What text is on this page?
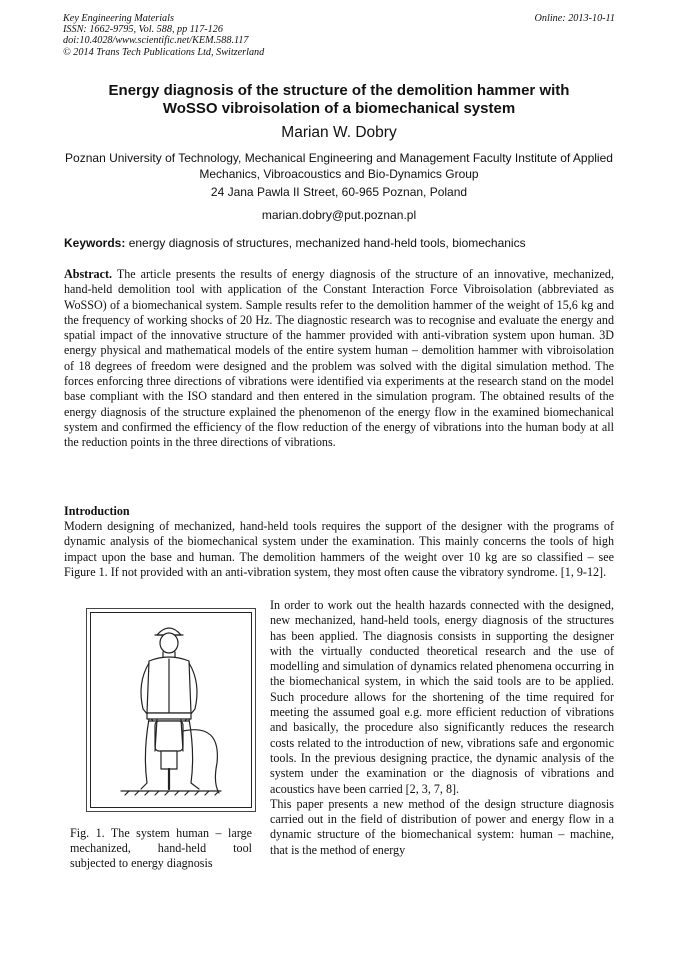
Key Engineering Materials
ISSN: 1662-9795, Vol. 588, pp 117-126
doi:10.4028/www.scientific.net/KEM.588.117
© 2014 Trans Tech Publications Ltd, Switzerland
Online: 2013-10-11
Energy diagnosis of the structure of the demolition hammer with
WoSSO vibroisolation of a biomechanical system
Marian W. Dobry
Poznan University of Technology, Mechanical Engineering and Management Faculty Institute of Applied Mechanics, Vibroacoustics and Bio-Dynamics Group
24 Jana Pawla II Street, 60-965 Poznan, Poland
marian.dobry@put.poznan.pl
Keywords: energy diagnosis of structures, mechanized hand-held tools, biomechanics

Abstract. The article presents the results of energy diagnosis of the structure of an innovative, mechanized, hand-held demolition tool with application of the Constant Interaction Force Vibroisolation (abbreviated as WoSSO) of a biomechanical system. Sample results refer to the demolition hammer of the weight of 15,6 kg and the frequency of working shocks of 20 Hz. The diagnostic research was to recognise and evaluate the energy and spatial impact of the innovative structure of the hammer provided with anti-vibration system upon human. 3D energy physical and mathematical models of the entire system human – demolition hammer with vibroisolation of 18 degrees of freedom were designed and the problem was solved with the digital simulation method. The forces enforcing three directions of vibrations were identified via experiments at the research stand on the model base compliant with the ISO standard and then entered in the simulation program. The obtained results of the energy diagnosis of the structure explained the phenomenon of the energy flow in the examined biomechanical system and confirmed the efficiency of the flow reduction of the energy of vibrations into the human body at all the reduction points in the three directions of vibrations.

Introduction
Modern designing of mechanized, hand-held tools requires the support of the designer with the programs of dynamic analysis of the biomechanical system under the examination. This mainly concerns the tools of high impact upon the base and human. The demolition hammers of the weight over 10 kg are so classified – see Figure 1. If not provided with an anti-vibration system, they most often cause the vibratory syndrome. [1, 9-12].

In order to work out the health hazards connected with the designed, new mechanized, hand-held tools, energy diagnosis of the structures has been applied. The diagnosis consists in supporting the designer with the virtually conducted theoretical research and the use of modelling and simulation of dynamics related phenomena occurring in the biomechanical system, in which the said tools are to be applied. Such procedure allows for the shortening of the time required for meeting the assumed goal e.g. more efficient reduction of vibrations and basically, the procedure also significantly reduces the research costs related to the introduction of new, vibrations safe and ergonomic tools. In the previous designing practice, the dynamic analysis of the system under the examination or the diagnosis of vibrations and acoustics have been carried [2, 3, 7, 8].

This paper presents a new method of the design structure diagnosis carried out in the field of distribution of power and energy flow in a dynamic structure of the biomechanical system: human – machine, that is the method of energy

Fig. 1. The system human – large mechanized, hand-held tool subjected to energy diagnosis
